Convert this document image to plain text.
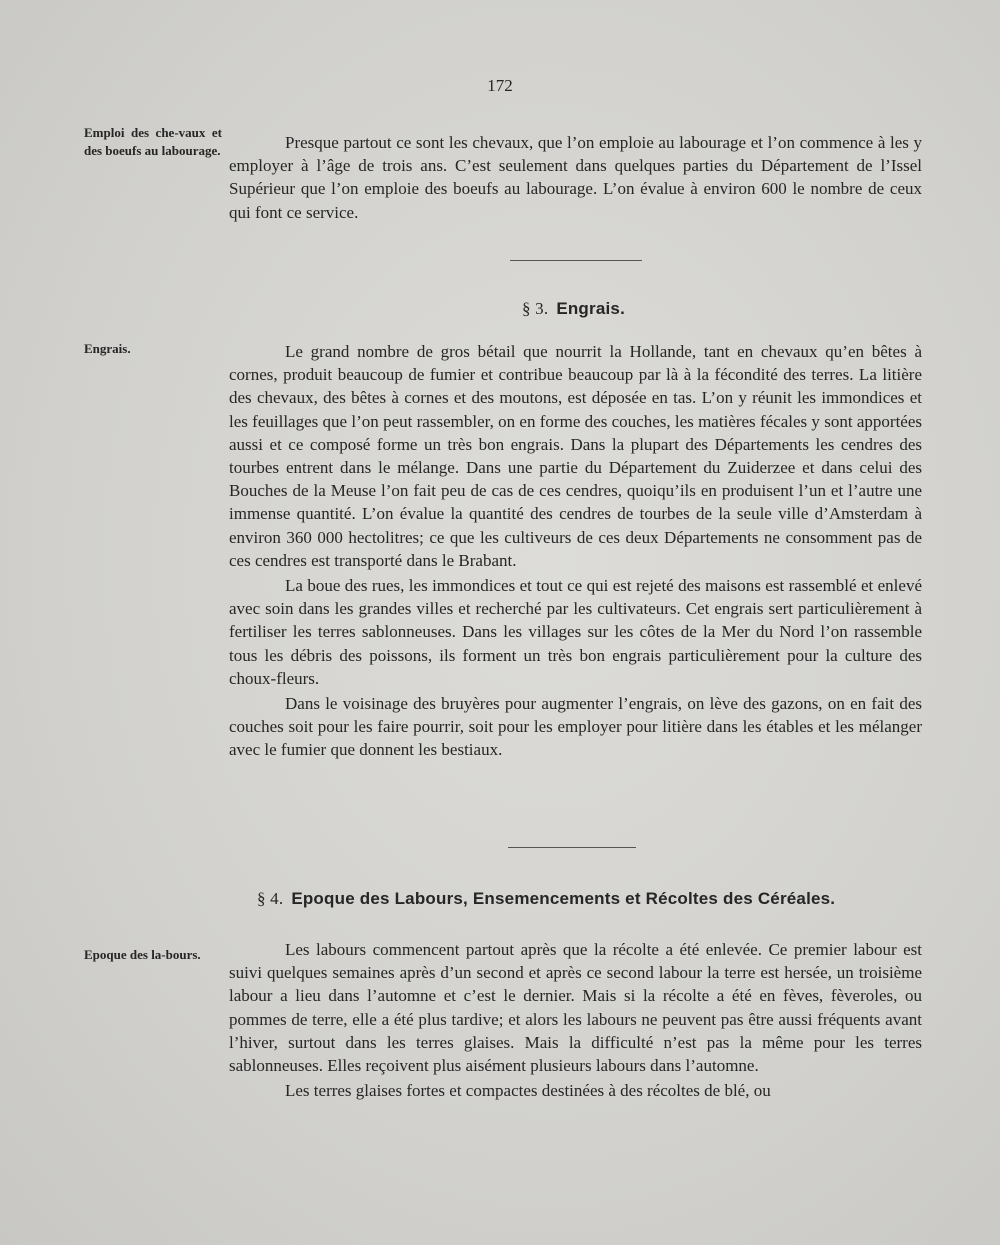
172
Emploi des che-vaux et des boeufs au labourage.	Presque partout ce sont les chevaux, que l’on emploie au labourage et l’on commence à les y employer à l’âge de trois ans. C’est seulement dans quelques parties du Département de l’Issel Supérieur que l’on emploie des boeufs au labourage. L’on évalue à environ 600 le nombre de ceux qui font ce service.

§ 3. Engrais.
Engrais.	Le grand nombre de gros bétail que nourrit la Hollande, tant en chevaux qu’en bêtes à cornes, produit beaucoup de fumier et contribue beaucoup par là à la fécondité des terres. La litière des chevaux, des bêtes à cornes et des moutons, est déposée en tas. L’on y réunit les immondices et les feuillages que l’on peut rassembler, on en forme des couches, les matières fécales y sont apportées aussi et ce composé forme un très bon engrais. Dans la plupart des Départements les cendres des tourbes entrent dans le mélange. Dans une partie du Département du Zuiderzee et dans celui des Bouches de la Meuse l’on fait peu de cas de ces cendres, quoiqu’ils en produisent l’un et l’autre une immense quantité. L’on évalue la quantité des cendres de tourbes de la seule ville d’Amsterdam à environ 360 000 hectolitres; ce que les cultiveurs de ces deux Départements ne consomment pas de ces cendres est transporté dans le Brabant.

La boue des rues, les immondices et tout ce qui est rejeté des maisons est rassemblé et enlevé avec soin dans les grandes villes et recherché par les cultivateurs. Cet engrais sert particulièrement à fertiliser les terres sablonneuses. Dans les villages sur les côtes de la Mer du Nord l’on rassemble tous les débris des poissons, ils forment un très bon engrais particulièrement pour la culture des choux-fleurs.

Dans le voisinage des bruyères pour augmenter l’engrais, on lève des gazons, on en fait des couches soit pour les faire pourrir, soit pour les employer pour litière dans les étables et les mélanger avec le fumier que donnent les bestiaux.

§ 4. Epoque des Labours, Ensemencements et Récoltes des Céréales.
Epoque des la-bours.	Les labours commencent partout après que la récolte a été enlevée. Ce premier labour est suivi quelques semaines après d’un second et après ce second labour la terre est hersée, un troisième labour a lieu dans l’automne et c’est le dernier. Mais si la récolte a été en fèves, fèveroles, ou pommes de terre, elle a été plus tardive; et alors les labours ne peuvent pas être aussi fréquents avant l’hiver, surtout dans les terres glaises. Mais la difficulté n’est pas la même pour les terres sablonneuses. Elles reçoivent plus aisément plusieurs labours dans l’automne.

Les terres glaises fortes et compactes destinées à des récoltes de blé, ou
